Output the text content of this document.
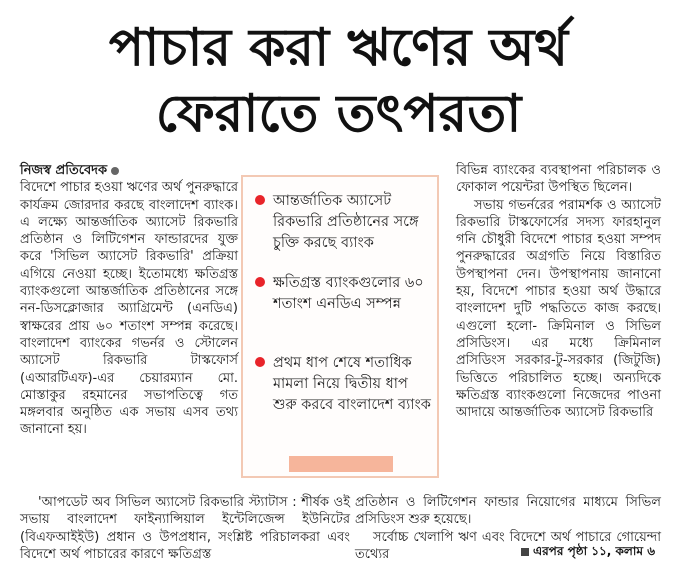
পাচার করা ঋণের অর্থ
ফেরাতে তৎপরতা

নিজস্ব প্রতিবেদক

বিদেশে পাচার হওয়া ঋণের অর্থ পুনরুদ্ধারে কার্যক্রম জোরদার করছে বাংলাদেশ ব্যাংক। এ লক্ষ্যে আন্তর্জাতিক অ্যাসেট রিকভারি প্রতিষ্ঠান ও লিটিগেশন ফান্ডারদের যুক্ত করে 'সিভিল অ্যাসেট রিকভারি' প্রক্রিয়া এগিয়ে নেওয়া হচ্ছে। ইতোমধ্যে ক্ষতিগ্রস্ত ব্যাংকগুলো আন্তর্জাতিক প্রতিষ্ঠানের সঙ্গে নন-ডিসক্লোজার অ্যাগ্রিমেন্ট (এনডিএ) স্বাক্ষরের প্রায় ৬০ শতাংশ সম্পন্ন করেছে। বাংলাদেশ ব্যাংকের গভর্নর ও স্টোলেন অ্যাসেট রিকভারি টাস্কফোর্স (এআরটিএফ)-এর চেয়ারম্যান মো. মোস্তাকুর রহমানের সভাপতিত্বে গত মঙ্গলবার অনুষ্ঠিত এক সভায় এসব তথ্য জানানো হয়।

আন্তর্জাতিক অ্যাসেট রিকভারি প্রতিষ্ঠানের সঙ্গে চুক্তি করছে ব্যাংক
ক্ষতিগ্রস্ত ব্যাংকগুলোর ৬০ শতাংশ এনডিএ সম্পন্ন
প্রথম ধাপ শেষে শতাধিক মামলা নিয়ে দ্বিতীয় ধাপ শুরু করবে বাংলাদেশ ব্যাংক

বিভিন্ন ব্যাংকের ব্যবস্থাপনা পরিচালক ও ফোকাল পয়েন্টরা উপস্থিত ছিলেন।

সভায় গভর্নরের পরামর্শক ও অ্যাসেট রিকভারি টাস্কফোর্সের সদস্য ফারহানুল গনি চৌধুরী বিদেশে পাচার হওয়া সম্পদ পুনরুদ্ধারের অগ্রগতি নিয়ে বিস্তারিত উপস্থাপনা দেন। উপস্থাপনায় জানানো হয়, বিদেশে পাচার হওয়া অর্থ উদ্ধারে বাংলাদেশ দুটি পদ্ধতিতে কাজ করছে। এগুলো হলো- ক্রিমিনাল ও সিভিল প্রসিডিংস। এর মধ্যে ক্রিমিনাল প্রসিডিংস সরকার-টু-সরকার (জিটুজি) ভিত্তিতে পরিচালিত হচ্ছে। অন্যদিকে ক্ষতিগ্রস্ত ব্যাংকগুলো নিজেদের পাওনা আদায়ে আন্তর্জাতিক অ্যাসেট রিকভারি

'আপডেট অব সিভিল অ্যাসেট রিকভারি স্ট্যাটাস : শীর্ষক ওই সভায় বাংলাদেশ ফাইন্যান্সিয়াল ইন্টেলিজেন্স ইউনিটের (বিএফআইইউ) প্রধান ও উপপ্রধান, সংশ্লিষ্ট পরিচালকরা এবং বিদেশে অর্থ পাচারের কারণে ক্ষতিগ্রস্ত

প্রতিষ্ঠান ও লিটিগেশন ফান্ডার নিয়োগের মাধ্যমে সিভিল প্রসিডিংস শুরু হয়েছে।

সর্বোচ্চ খেলাপি ঋণ এবং বিদেশে অর্থ পাচারে গোয়েন্দা তথ্যের	এরপর পৃষ্ঠা ১১, কলাম ৬
